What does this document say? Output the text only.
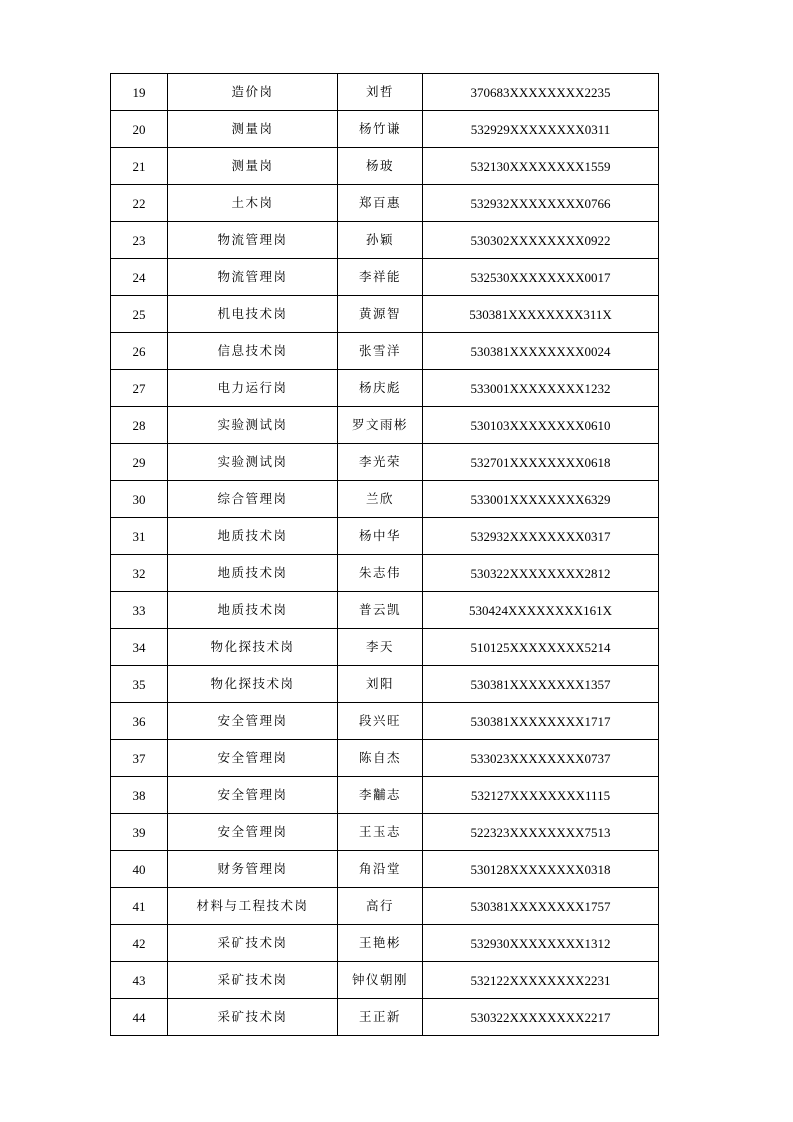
19	造价岗	刘哲	370683XXXXXXXX2235
20	测量岗	杨竹谦	532929XXXXXXXX0311
21	测量岗	杨玻	532130XXXXXXXX1559
22	土木岗	郑百惠	532932XXXXXXXX0766
23	物流管理岗	孙颖	530302XXXXXXXX0922
24	物流管理岗	李祥能	532530XXXXXXXX0017
25	机电技术岗	黄源智	530381XXXXXXXX311X
26	信息技术岗	张雪洋	530381XXXXXXXX0024
27	电力运行岗	杨庆彪	533001XXXXXXXX1232
28	实验测试岗	罗文雨彬	530103XXXXXXXX0610
29	实验测试岗	李光荣	532701XXXXXXXX0618
30	综合管理岗	兰欣	533001XXXXXXXX6329
31	地质技术岗	杨中华	532932XXXXXXXX0317
32	地质技术岗	朱志伟	530322XXXXXXXX2812
33	地质技术岗	普云凯	530424XXXXXXXX161X
34	物化探技术岗	李天	510125XXXXXXXX5214
35	物化探技术岗	刘阳	530381XXXXXXXX1357
36	安全管理岗	段兴旺	530381XXXXXXXX1717
37	安全管理岗	陈自杰	533023XXXXXXXX0737
38	安全管理岗	李黼志	532127XXXXXXXX1115
39	安全管理岗	王玉志	522323XXXXXXXX7513
40	财务管理岗	角沿堂	530128XXXXXXXX0318
41	材料与工程技术岗	高行	530381XXXXXXXX1757
42	采矿技术岗	王艳彬	532930XXXXXXXX1312
43	采矿技术岗	钟仪朝刚	532122XXXXXXXX2231
44	采矿技术岗	王正新	530322XXXXXXXX2217
